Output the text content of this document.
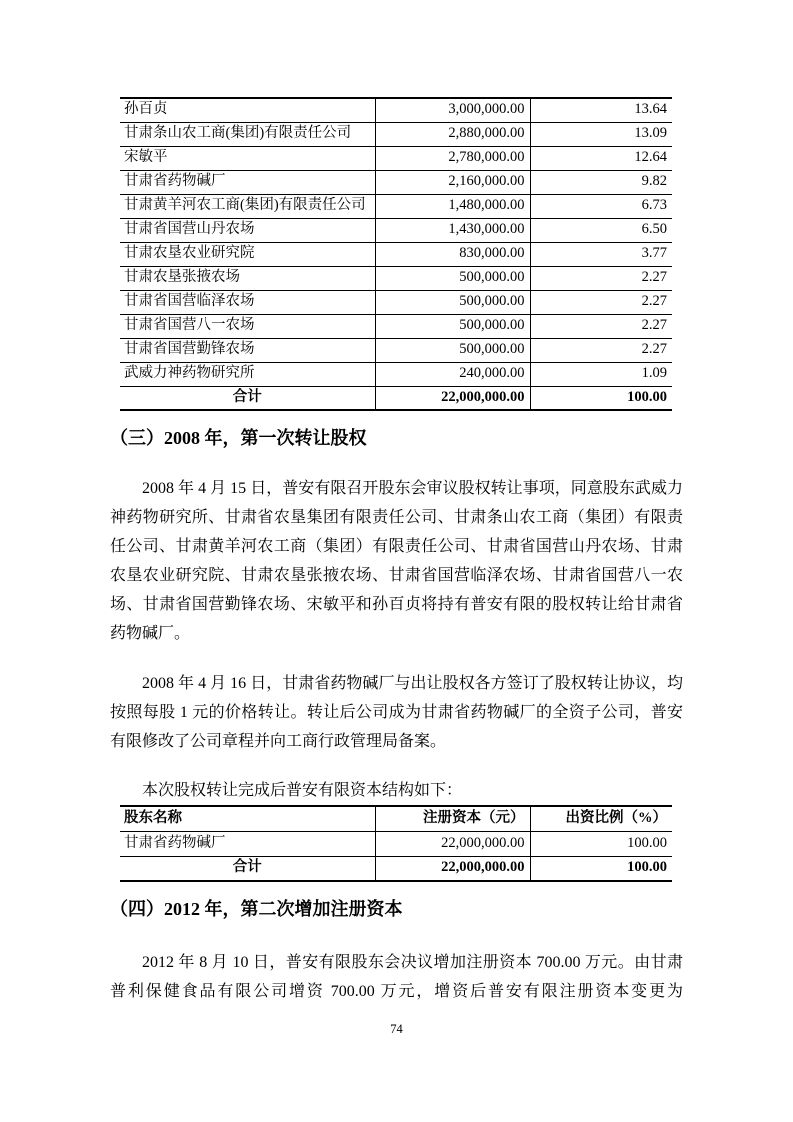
孙百贞	3,000,000.00	13.64
甘肃条山农工商(集团)有限责任公司	2,880,000.00	13.09
宋敏平	2,780,000.00	12.64
甘肃省药物碱厂	2,160,000.00	9.82
甘肃黄羊河农工商(集团)有限责任公司	1,480,000.00	6.73
甘肃省国营山丹农场	1,430,000.00	6.50
甘肃农垦农业研究院	830,000.00	3.77
甘肃农垦张掖农场	500,000.00	2.27
甘肃省国营临泽农场	500,000.00	2.27
甘肃省国营八一农场	500,000.00	2.27
甘肃省国营勤锋农场	500,000.00	2.27
武威力神药物研究所	240,000.00	1.09
合计	22,000,000.00	100.00
（三）2008 年，第一次转让股权
2008 年 4 月 15 日，普安有限召开股东会审议股权转让事项，同意股东武威力神药物研究所、甘肃省农垦集团有限责任公司、甘肃条山农工商（集团）有限责任公司、甘肃黄羊河农工商（集团）有限责任公司、甘肃省国营山丹农场、甘肃农垦农业研究院、甘肃农垦张掖农场、甘肃省国营临泽农场、甘肃省国营八一农场、甘肃省国营勤锋农场、宋敏平和孙百贞将持有普安有限的股权转让给甘肃省药物碱厂。
2008 年 4 月 16 日，甘肃省药物碱厂与出让股权各方签订了股权转让协议，均按照每股 1 元的价格转让。转让后公司成为甘肃省药物碱厂的全资子公司，普安有限修改了公司章程并向工商行政管理局备案。
本次股权转让完成后普安有限资本结构如下：
股东名称	注册资本（元）	出资比例（%）
甘肃省药物碱厂	22,000,000.00	100.00
合计	22,000,000.00	100.00
（四）2012 年，第二次增加注册资本
2012 年 8 月 10 日，普安有限股东会决议增加注册资本 700.00 万元。由甘肃普利保健食品有限公司增资 700.00 万元，增资后普安有限注册资本变更为
74
